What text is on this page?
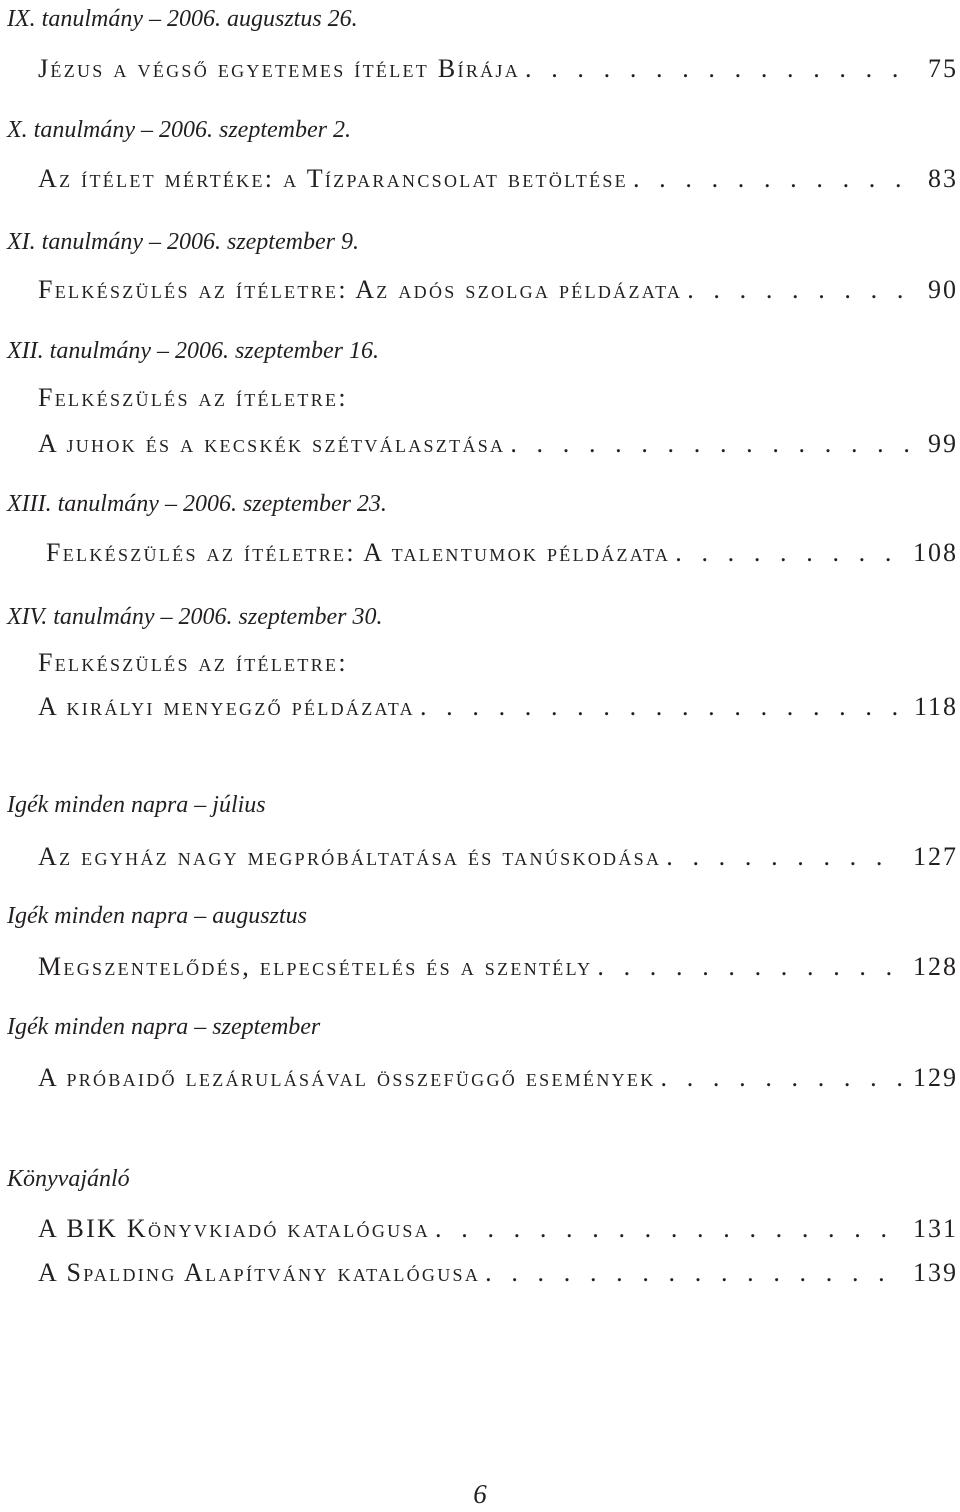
IX. tanulmány – 2006. augusztus 26.
Jézus a végső egyetemes ítélet Bírája . . .	75
X. tanulmány – 2006. szeptember 2.
Az ítélet mértéke: a Tízparancsolat betöltése . . .	83
XI. tanulmány – 2006. szeptember 9.
Felkészülés az ítéletre: Az adós szolga példázata . . .	90
XII. tanulmány – 2006. szeptember 16.
Felkészülés az ítéletre:
A juhok és a kecskék szétválasztása . . .	99
XIII. tanulmány – 2006. szeptember 23.
Felkészülés az ítéletre: A talentumok példázata . . .	108
XIV. tanulmány – 2006. szeptember 30.
Felkészülés az ítéletre:
A királyi menyegző példázata . . .	118
Igék minden napra – július
Az egyház nagy megpróbáltatása és tanúskodása . . .	127
Igék minden napra – augusztus
Megszentelődés, elpecsételés és a szentély . . .	128
Igék minden napra – szeptember
A próbaidő lezárulásával összefüggő események . . .	129
Könyvajánló
A BIK Könyvkiadó katalógusa . . .	131
A Spalding Alapítvány katalógusa . . .	139
6
